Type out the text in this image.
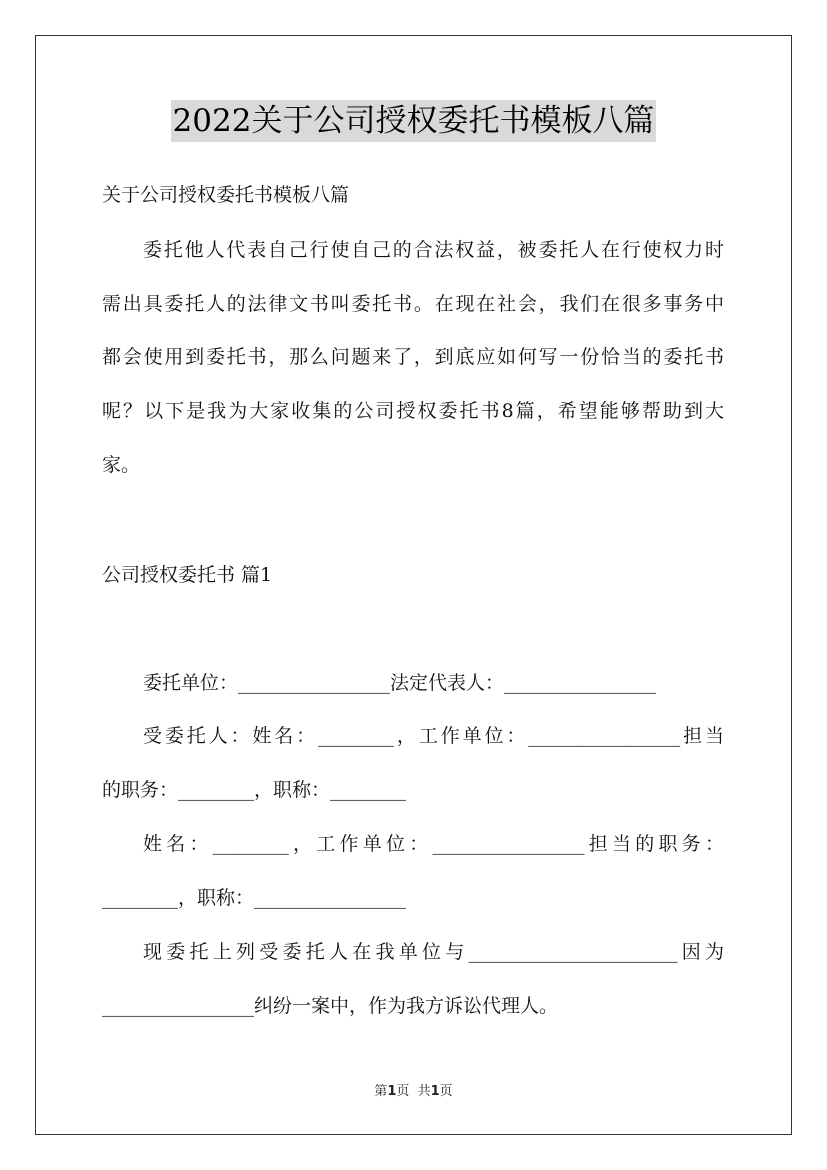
2022关于公司授权委托书模板八篇
关于公司授权委托书模板八篇
委托他人代表自己行使自己的合法权益，被委托人在行使权力时
需出具委托人的法律文书叫委托书。在现在社会，我们在很多事务中
都会使用到委托书，那么问题来了，到底应如何写一份恰当的委托书
呢？以下是我为大家收集的公司授权委托书8篇，希望能够帮助到大
家。
公司授权委托书 篇1
委托单位：________________法定代表人：________________
受委托人：姓名：________，工作单位：________________担当
的职务：________，职称：________
姓名：________，工作单位：________________担当的职务：
________，职称：________________
现委托上列受委托人在我单位与______________________因为
________________纠纷一案中，作为我方诉讼代理人。
第1页  共1页
